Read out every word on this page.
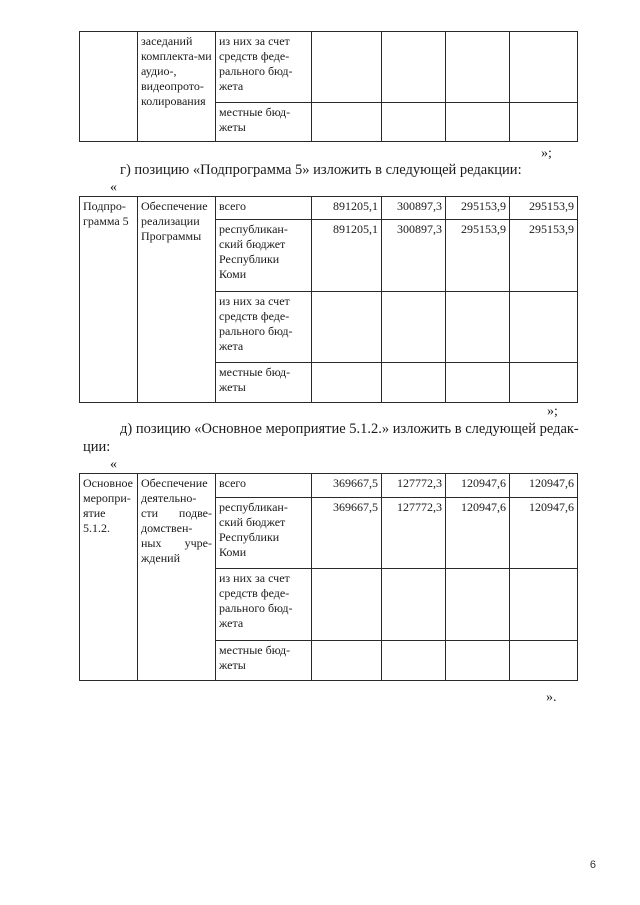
	заседаний комплекта-ми аудио-, видеопрото-колирования	из них за счет средств феде-рального бюд-жета				
		местные бюд-жеты				
»;

г) позицию «Подпрограмма 5» изложить в следующей редакции:

«
Подпро-грамма 5	Обеспечение реализации Программы	всего	891205,1	300897,3	295153,9	295153,9
		республикан-ский бюджет Республики Коми	891205,1	300897,3	295153,9	295153,9
		из них за счет средств феде-рального бюд-жета				
		местные бюд-жеты				
»;

д) позицию «Основное мероприятие 5.1.2.» изложить в следующей редак-

ции:

«
Основное меропри-ятие 5.1.2.	Обеспечение деятельно-сти подве-домствен-ных учре-ждений	всего	369667,5	127772,3	120947,6	120947,6
		республикан-ский бюджет Республики Коми	369667,5	127772,3	120947,6	120947,6
		из них за счет средств феде-рального бюд-жета				
		местные бюд-жеты				
».
6
